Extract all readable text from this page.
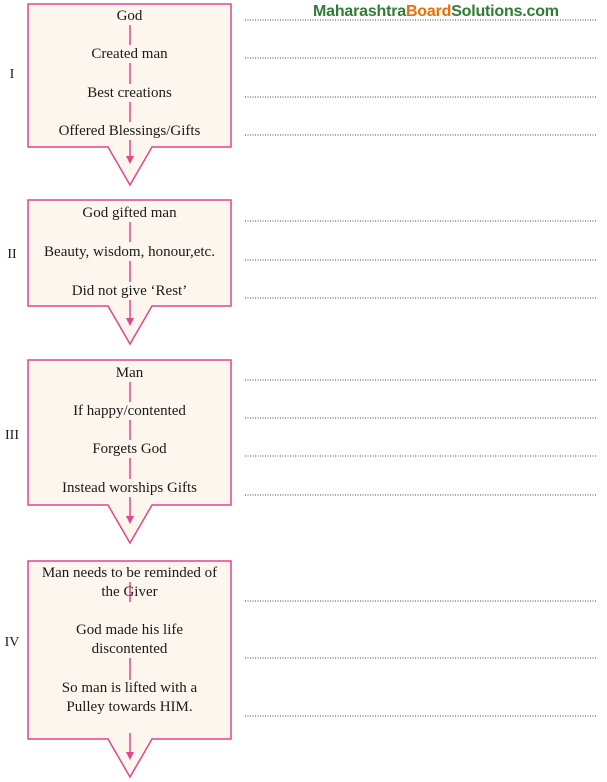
MaharashtraBoardSolutions.com
I
II
III
IV
God
Created man
Best creations
Offered Blessings/Gifts
God gifted man
Beauty, wisdom, honour,etc.
Did not give ‘Rest’
Man
If happy/contented
Forgets God
Instead worships Gifts
Man needs to be reminded of the Giver
God made his life discontented
So man is lifted with a Pulley towards HIM.
